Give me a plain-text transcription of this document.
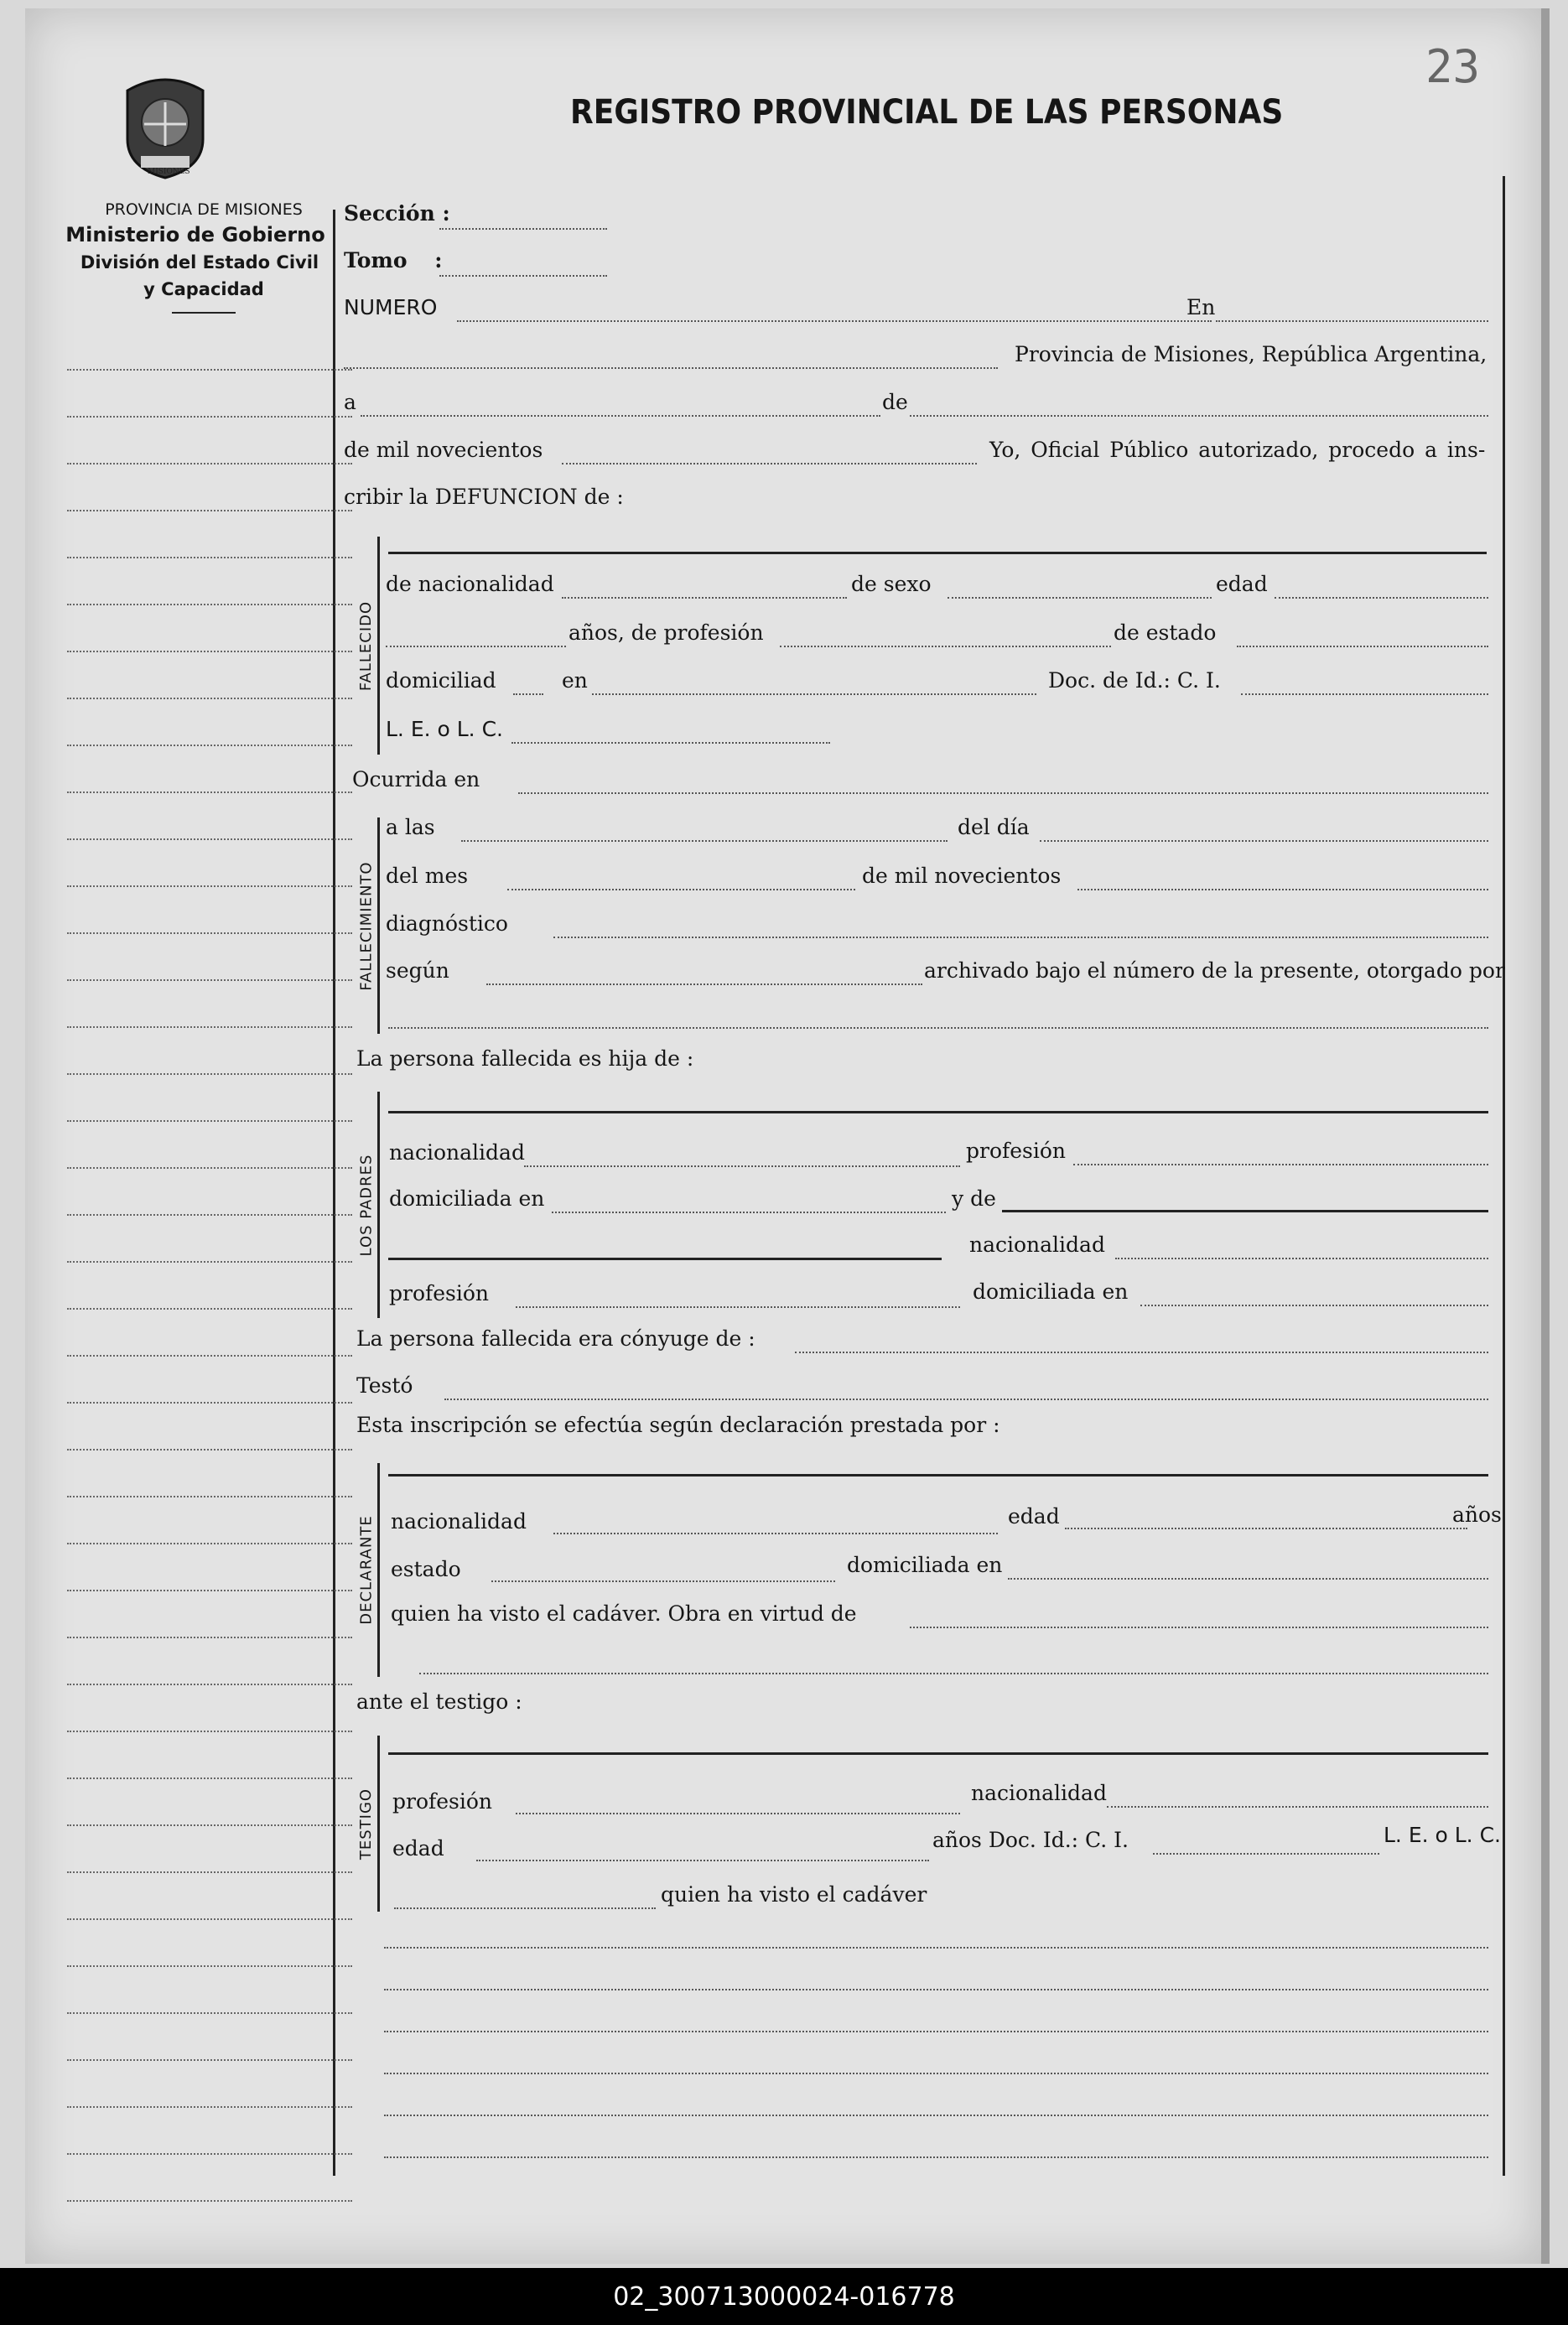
23
MISIONES
PROVINCIA DE MISIONES
Ministerio de Gobierno
División del Estado Civil
y Capacidad
REGISTRO PROVINCIAL DE LAS PERSONAS
Sección :
Tomo :
NUMERO	En
Provincia de Misiones, República Argentina,
a	de
de mil novecientos	Yo, Oficial Público autorizado, procedo a ins-
cribir la DEFUNCION de :
FALLECIDO
de nacionalidad	de sexo	edad
años, de profesión	de estado
domiciliad	en	Doc. de Id.: C. I.
L. E. o L. C.
Ocurrida en
FALLECIMIENTO
a las	del día
del mes	de mil novecientos
diagnóstico
según	archivado bajo el número de la presente, otorgado por
La persona fallecida es hija de :
LOS PADRES
nacionalidad	profesión
domiciliada en	y de
nacionalidad
profesión	domiciliada en
La persona fallecida era cónyuge de :
Testó
Esta inscripción se efectúa según declaración prestada por :
DECLARANTE nacionalidad	edad	años
estado	domiciliada en
quien ha visto el cadáver. Obra en virtud de
ante el testigo :
TESTIGO profesión	nacionalidad
edad	años Doc. Id.: C. I.	L. E. o L. C.
quien ha visto el cadáver
02_300713000024-016778
